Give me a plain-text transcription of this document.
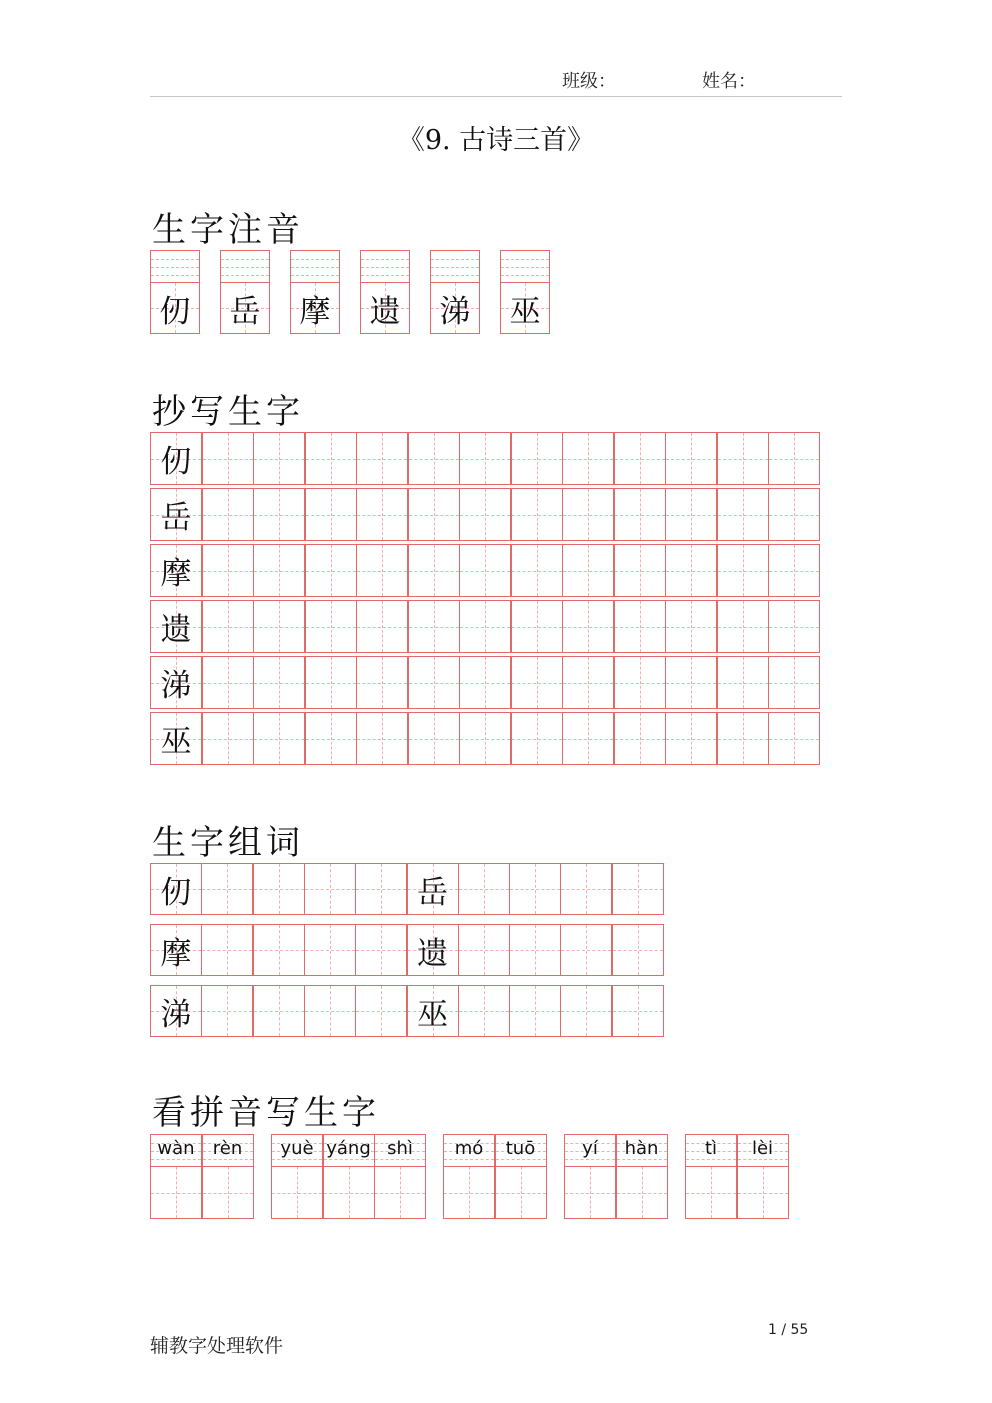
班级：	姓名：
《9. 古诗三首》
生字注音
抄写生字
生字组词
看拼音写生字
仞 岳 摩 遗 涕 巫
仞
岳
摩
遗
涕
巫
仞	岳
摩	遗
涕	巫
wàn	rèn	yuè yáng shì	mó	tuō	yí	hàn	tì	lèi
辅教字处理软件
1 / 55
